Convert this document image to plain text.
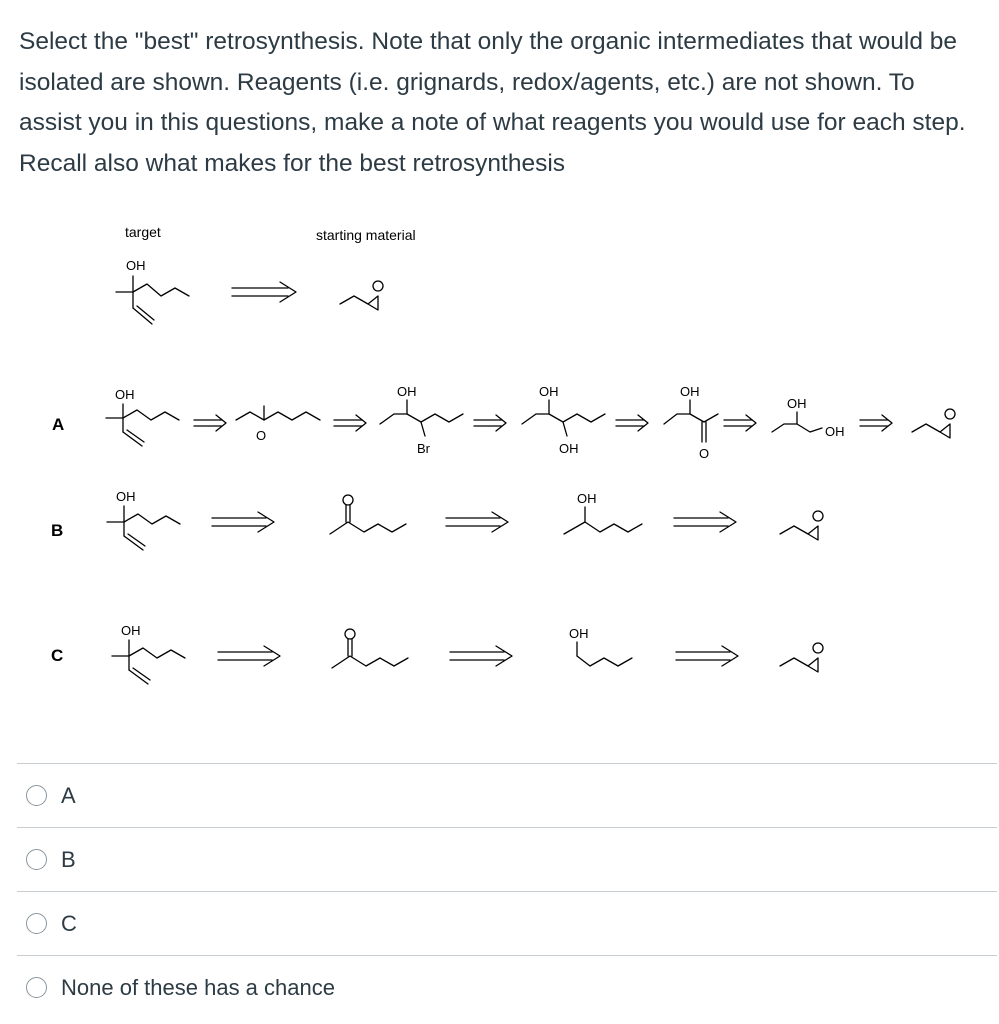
Select the "best" retrosynthesis. Note that only the organic intermediates that would be isolated are shown. Reagents (i.e. grignards, redox/agents, etc.) are not shown. To assist you in this questions, make a note of what reagents you would use for each step. Recall also what makes for the best retrosynthesis
target	starting material
OH
A
OH
O
OH
Br
OH
OH
OH
O
OH
OH
B
OH	OH
C
OH	OH
A
B
C
None of these has a chance
